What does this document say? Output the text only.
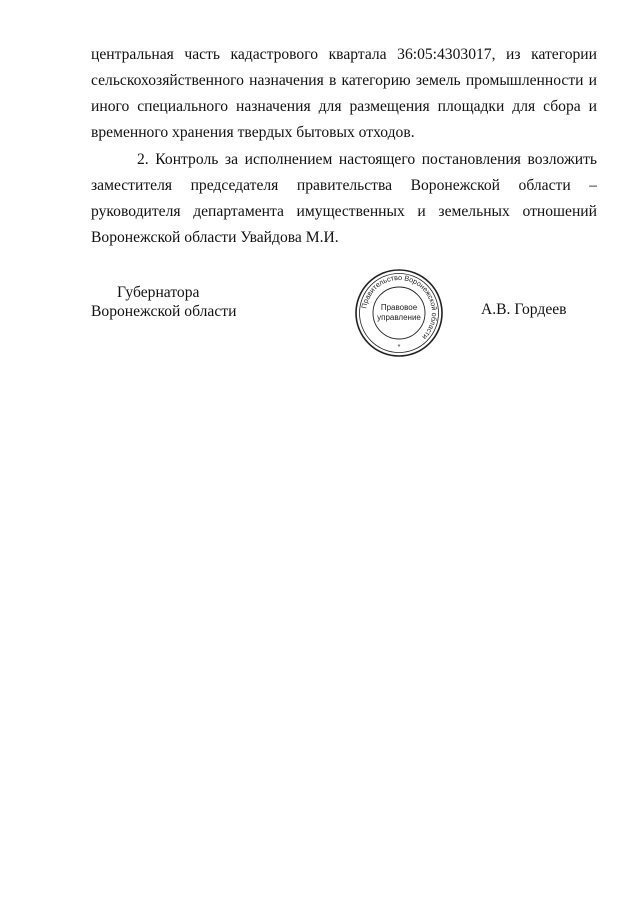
центральная часть кадастрового квартала 36:05:4303017, из категории
сельскохозяйственного назначения в категорию земель промышленности и
иного специального назначения для размещения площадки для сбора и
временного хранения твердых бытовых отходов.
2. Контроль за исполнением настоящего постановления возложить
заместителя председателя правительства Воронежской области –
руководителя департамента имущественных и земельных отношений
Воронежской области Увайдова М.И.
Губернатора
Воронежской области	Правительство Воронежской области
Правовое
управление
*
А.В. Гордеев
